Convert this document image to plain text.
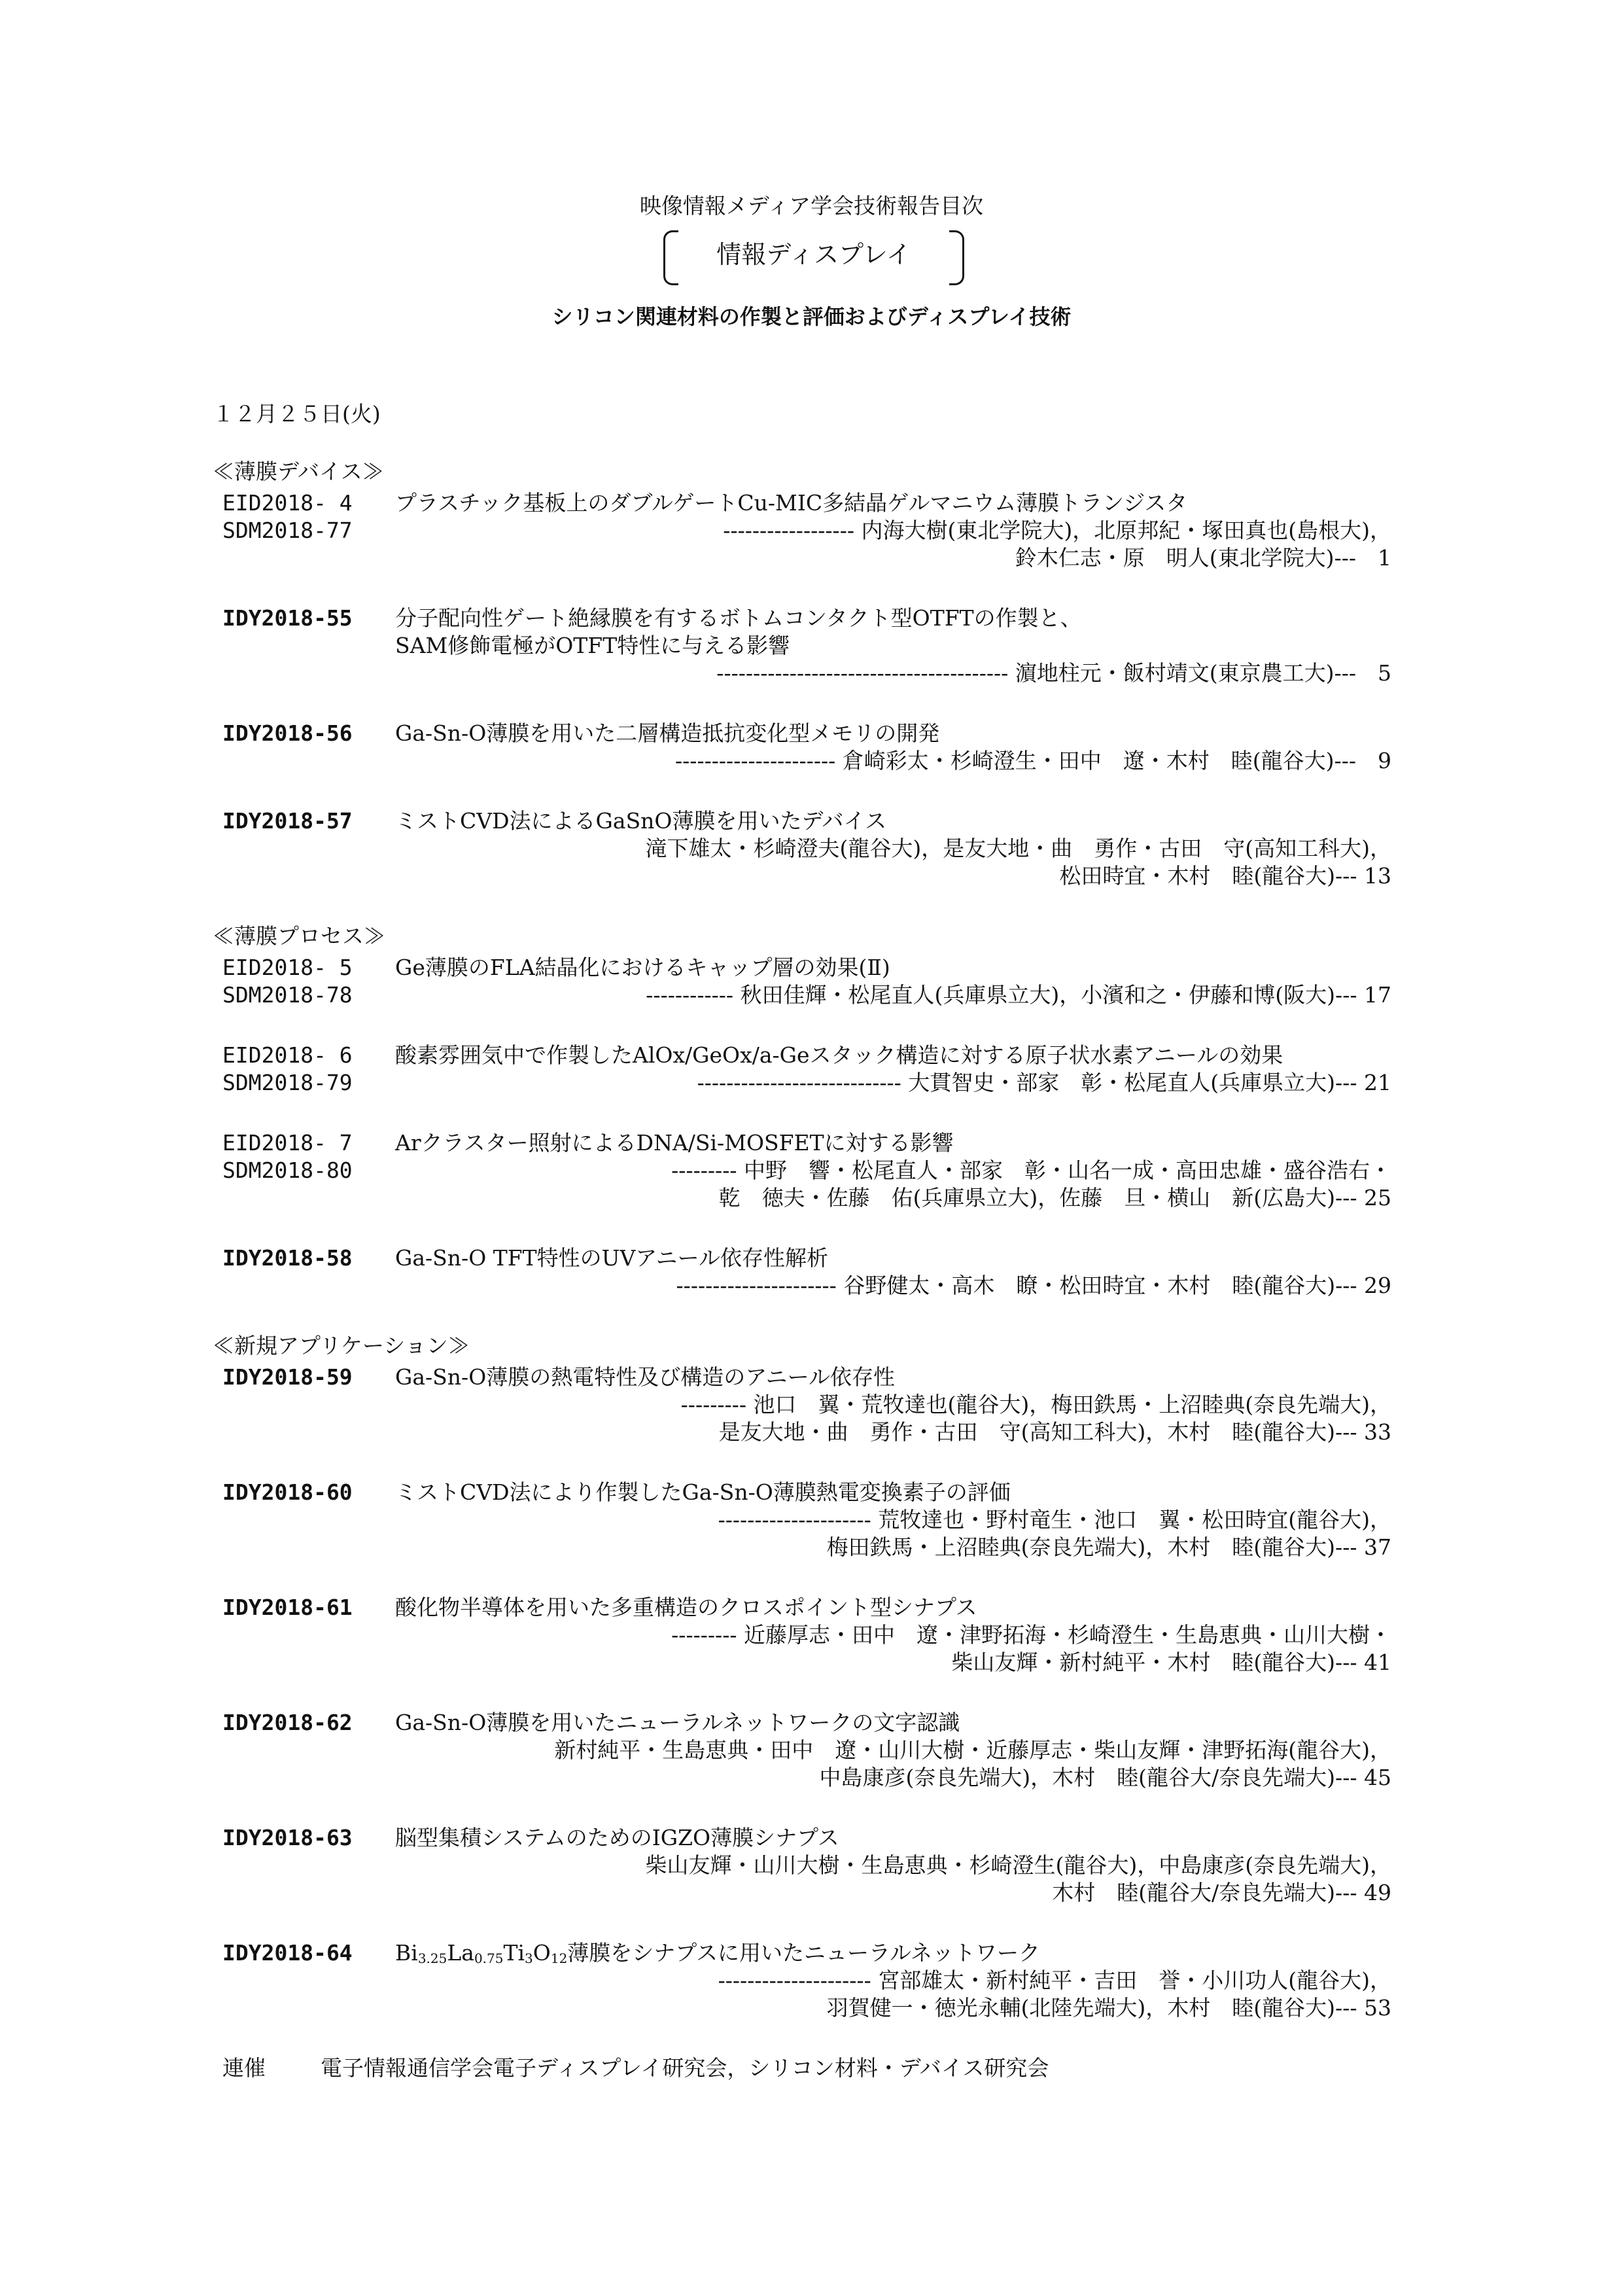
映像情報メディア学会技術報告目次
情報ディスプレイ
シリコン関連材料の作製と評価およびディスプレイ技術
１２月２５日(火)
≪薄膜デバイス≫
EID2018- 4
SDM2018-77
プラスチック基板上のダブルゲートCu-MIC多結晶ゲルマニウム薄膜トランジスタ
------------------ 内海大樹(東北学院大)，北原邦紀・塚田真也(島根大)，
鈴木仁志・原　明人(東北学院大)---　1
IDY2018-55 分子配向性ゲート絶縁膜を有するボトムコンタクト型OTFTの作製と、
SAM修飾電極がOTFT特性に与える影響
---------------------------------------- 濵地柱元・飯村靖文(東京農工大)---　5
IDY2018-56 Ga-Sn-O薄膜を用いた二層構造抵抗変化型メモリの開発
---------------------- 倉崎彩太・杉崎澄生・田中　遼・木村　睦(龍谷大)---　9
IDY2018-57 ミストCVD法によるGaSnO薄膜を用いたデバイス
滝下雄太・杉崎澄夫(龍谷大)，是友大地・曲　勇作・古田　守(高知工科大)，
松田時宜・木村　睦(龍谷大)--- 13
≪薄膜プロセス≫
EID2018- 5
SDM2018-78
Ge薄膜のFLA結晶化におけるキャップ層の効果(Ⅱ)
------------ 秋田佳輝・松尾直人(兵庫県立大)，小濱和之・伊藤和博(阪大)--- 17
EID2018- 6
SDM2018-79
酸素雰囲気中で作製したAlOx/GeOx/a-Geスタック構造に対する原子状水素アニールの効果
---------------------------- 大貫智史・部家　彰・松尾直人(兵庫県立大)--- 21
EID2018- 7
SDM2018-80
Arクラスター照射によるDNA/Si-MOSFETに対する影響
--------- 中野　響・松尾直人・部家　彰・山名一成・高田忠雄・盛谷浩右・
乾　徳夫・佐藤　佑(兵庫県立大)，佐藤　旦・横山　新(広島大)--- 25
IDY2018-58 Ga-Sn-O TFT特性のUVアニール依存性解析
---------------------- 谷野健太・高木　瞭・松田時宜・木村　睦(龍谷大)--- 29
≪新規アプリケーション≫
IDY2018-59 Ga-Sn-O薄膜の熱電特性及び構造のアニール依存性
--------- 池口　翼・荒牧達也(龍谷大)，梅田鉄馬・上沼睦典(奈良先端大)，
是友大地・曲　勇作・古田　守(高知工科大)，木村　睦(龍谷大)--- 33
IDY2018-60 ミストCVD法により作製したGa-Sn-O薄膜熱電変換素子の評価
--------------------- 荒牧達也・野村竜生・池口　翼・松田時宜(龍谷大)，
梅田鉄馬・上沼睦典(奈良先端大)，木村　睦(龍谷大)--- 37
IDY2018-61 酸化物半導体を用いた多重構造のクロスポイント型シナプス
--------- 近藤厚志・田中　遼・津野拓海・杉崎澄生・生島恵典・山川大樹・
柴山友輝・新村純平・木村　睦(龍谷大)--- 41
IDY2018-62 Ga-Sn-O薄膜を用いたニューラルネットワークの文字認識
新村純平・生島恵典・田中　遼・山川大樹・近藤厚志・柴山友輝・津野拓海(龍谷大)，
中島康彦(奈良先端大)，木村　睦(龍谷大/奈良先端大)--- 45
IDY2018-63 脳型集積システムのためのIGZO薄膜シナプス
柴山友輝・山川大樹・生島恵典・杉崎澄生(龍谷大)，中島康彦(奈良先端大)，
木村　睦(龍谷大/奈良先端大)--- 49
IDY2018-64 $Bi_{3.25}La_{0.75}Ti_3O_{12}$薄膜をシナプスに用いたニューラルネットワーク
--------------------- 宮部雄太・新村純平・吉田　誉・小川功人(龍谷大)，
羽賀健一・徳光永輔(北陸先端大)，木村　睦(龍谷大)--- 53
連催	電子情報通信学会電子ディスプレイ研究会，シリコン材料・デバイス研究会
